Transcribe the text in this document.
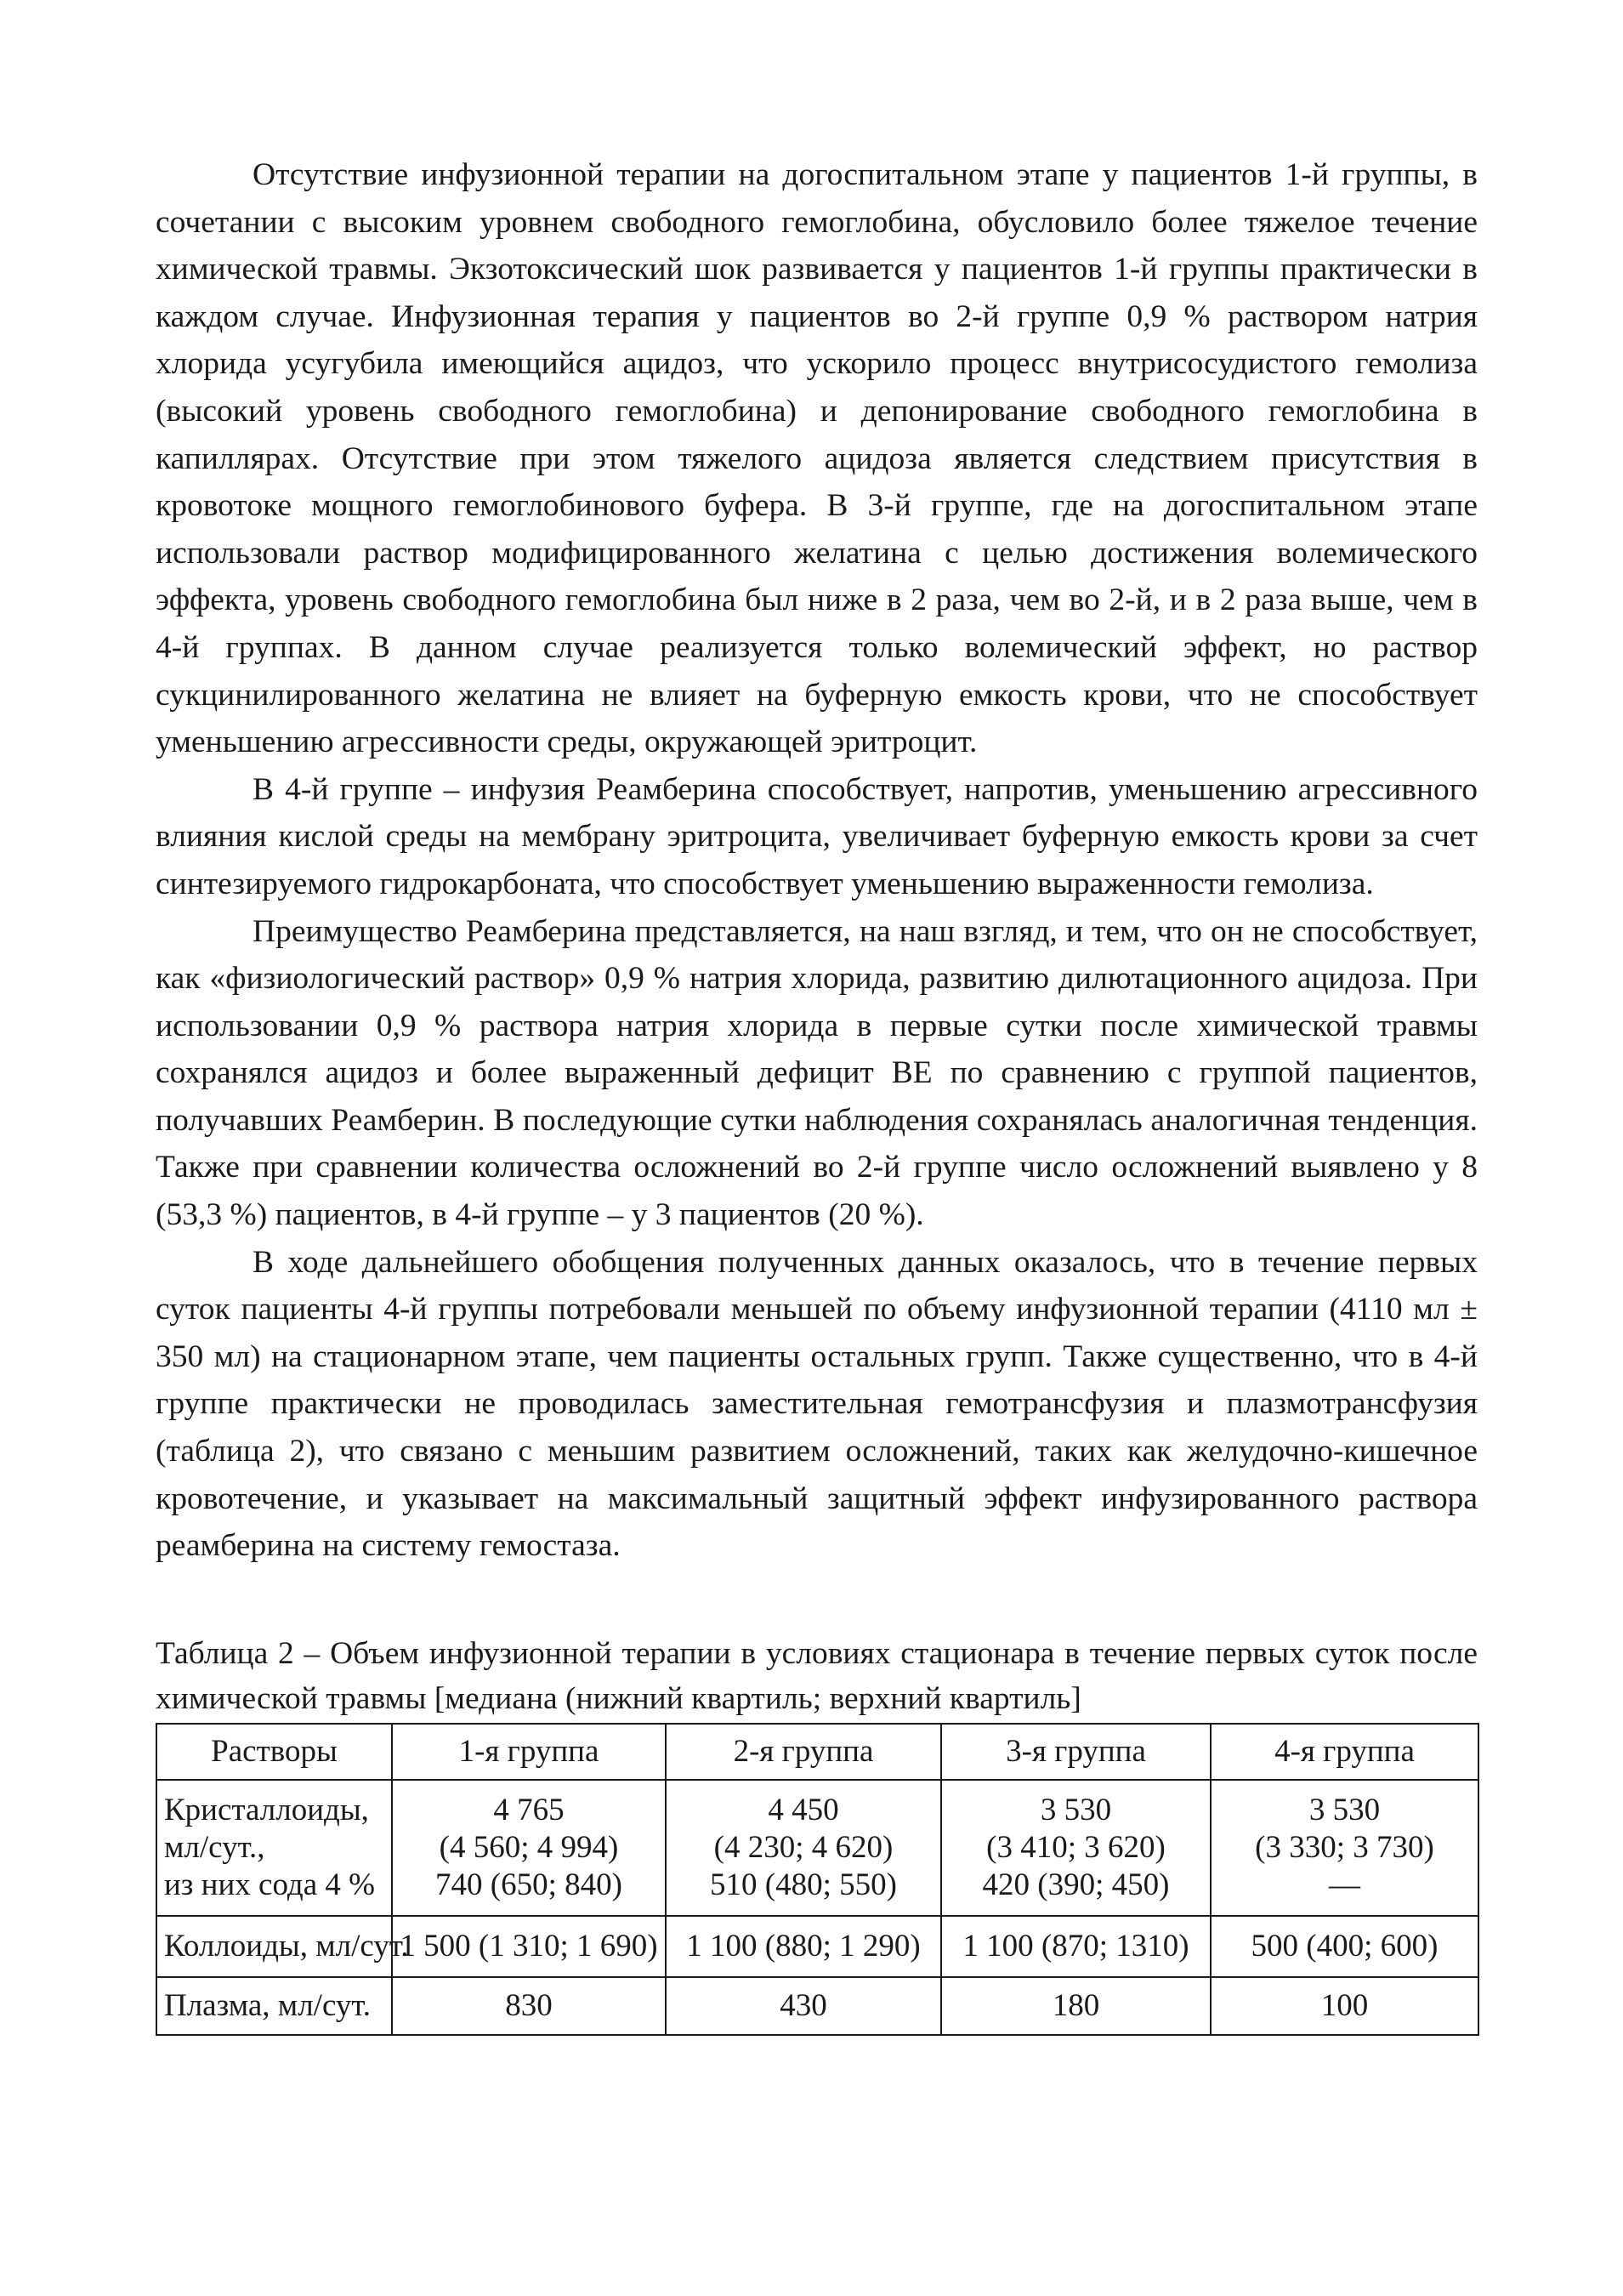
Отсутствие инфузионной терапии на догоспитальном этапе у пациентов 1-й группы, в сочетании с высоким уровнем свободного гемоглобина, обусловило более тяжелое течение химической травмы. Экзотоксический шок развивается у пациентов 1-й группы практически в каждом случае. Инфузионная терапия у пациентов во 2-й группе 0,9 % раствором натрия хлорида усугубила имеющийся ацидоз, что ускорило процесс внутрисосудистого гемолиза (высокий уровень свободного гемоглобина) и депонирование свободного гемоглобина в капиллярах. Отсутствие при этом тяжелого ацидоза является следствием присутствия в кровотоке мощного гемоглобинового буфера. В 3-й группе, где на догоспитальном этапе использовали раствор модифицированного желатина с целью достижения волемического эффекта, уровень свободного гемоглобина был ниже в 2 раза, чем во 2-й, и в 2 раза выше, чем в 4-й группах. В данном случае реализуется только волемический эффект, но раствор сукцинилированного желатина не влияет на буферную емкость крови, что не способствует уменьшению агрессивности среды, окружающей эритроцит.

В 4-й группе – инфузия Реамберина способствует, напротив, уменьшению агрессивного влияния кислой среды на мембрану эритроцита, увеличивает буферную емкость крови за счет синтезируемого гидрокарбоната, что способствует уменьшению выраженности гемолиза.

Преимущество Реамберина представляется, на наш взгляд, и тем, что он не способствует, как «физиологический раствор» 0,9 % натрия хлорида, развитию дилютационного ацидоза. При использовании 0,9 % раствора натрия хлорида в первые сутки после химической травмы сохранялся ацидоз и более выраженный дефицит ВЕ по сравнению с группой пациентов, получавших Реамберин. В последующие сутки наблюдения сохранялась аналогичная тенденция. Также при сравнении количества осложнений во 2-й группе число осложнений выявлено у 8 (53,3 %) пациентов, в 4-й группе – у 3 пациентов (20 %).

В ходе дальнейшего обобщения полученных данных оказалось, что в течение первых суток пациенты 4-й группы потребовали меньшей по объему инфузионной терапии (4110 мл ± 350 мл) на стационарном этапе, чем пациенты остальных групп. Также существенно, что в 4-й группе практически не проводилась заместительная гемотрансфузия и плазмотрансфузия (таблица 2), что связано с меньшим развитием осложнений, таких как желудочно-кишечное кровотечение, и указывает на максимальный защитный эффект инфузированного раствора реамберина на систему гемостаза.

Таблица 2 – Объем инфузионной терапии в условиях стационара в течение первых суток после химической травмы [медиана (нижний квартиль; верхний квартиль]

Растворы	1-я группа	2-я группа	3-я группа	4-я группа

Кристаллоиды,
мл/сут.,
из них сода 4 %	4 765
(4 560; 4 994)
740 (650; 840)	4 450
(4 230; 4 620)
510 (480; 550)	3 530
(3 410; 3 620)
420 (390; 450)	3 530
(3 330; 3 730)
—

Коллоиды, мл/сут.	1 500 (1 310; 1 690)	1 100 (880; 1 290)	1 100 (870; 1310)	500 (400; 600)
Плазма, мл/сут.	830	430	180	100
